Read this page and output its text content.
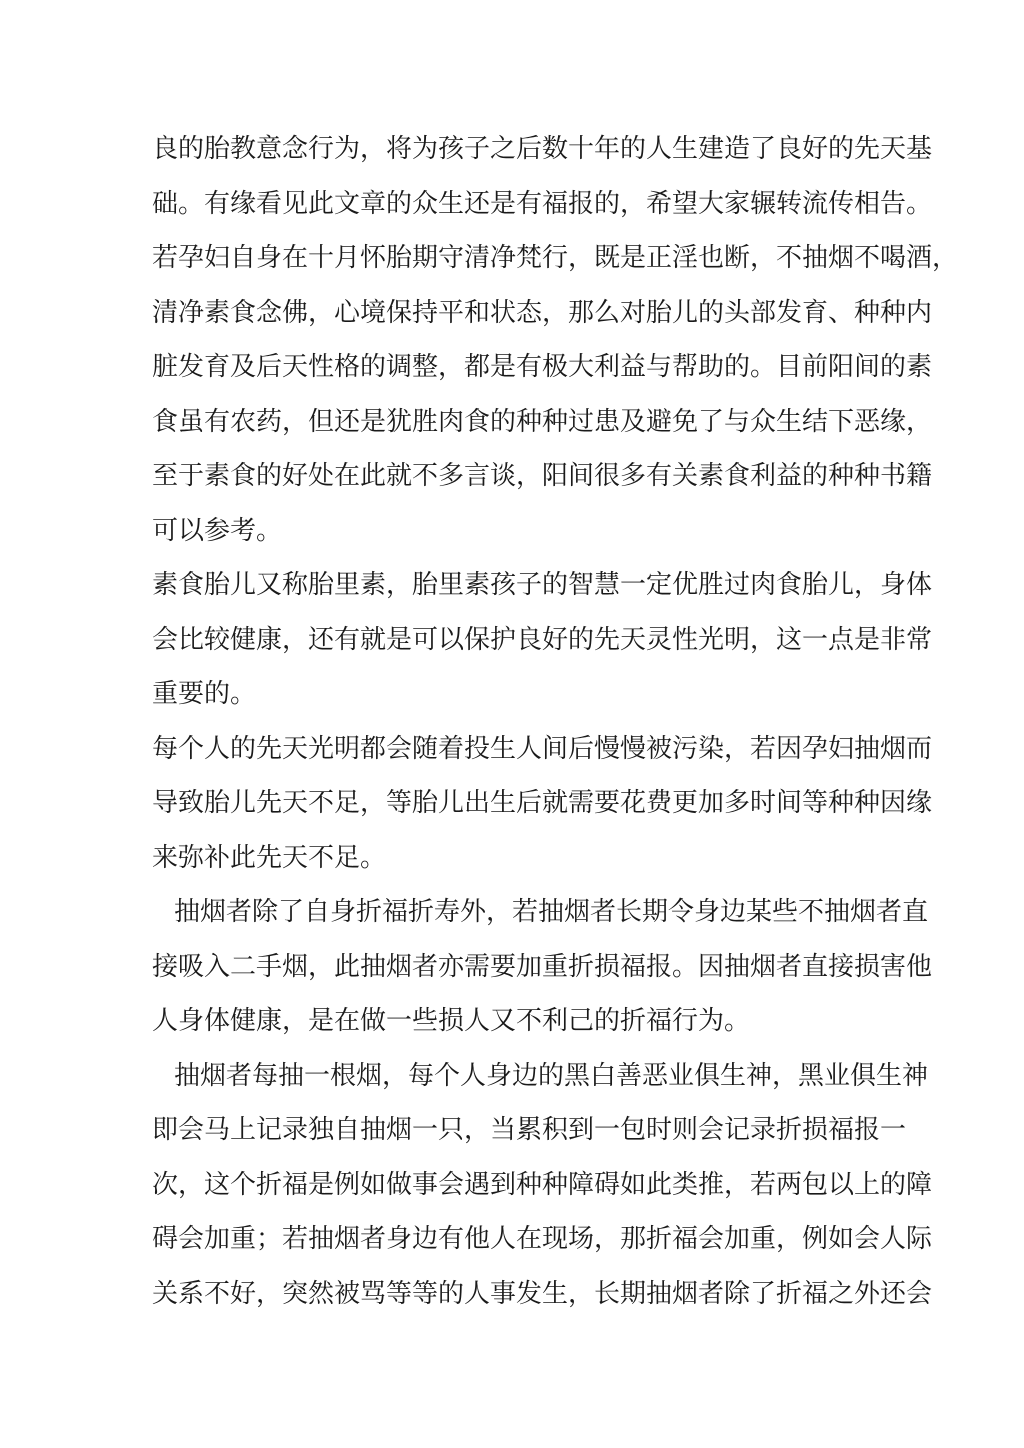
良的胎教意念行为，将为孩子之后数十年的人生建造了良好的先天基
础。有缘看见此文章的众生还是有福报的，希望大家辗转流传相告。
若孕妇自身在十月怀胎期守清净梵行，既是正淫也断，不抽烟不喝酒，
清净素食念佛，心境保持平和状态，那么对胎儿的头部发育、种种内
脏发育及后天性格的调整，都是有极大利益与帮助的。目前阳间的素
食虽有农药，但还是犹胜肉食的种种过患及避免了与众生结下恶缘，
至于素食的好处在此就不多言谈，阳间很多有关素食利益的种种书籍
可以参考。
素食胎儿又称胎里素，胎里素孩子的智慧一定优胜过肉食胎儿，身体
会比较健康，还有就是可以保护良好的先天灵性光明，这一点是非常
重要的。
每个人的先天光明都会随着投生人间后慢慢被污染，若因孕妇抽烟而
导致胎儿先天不足，等胎儿出生后就需要花费更加多时间等种种因缘
来弥补此先天不足。
抽烟者除了自身折福折寿外，若抽烟者长期令身边某些不抽烟者直
接吸入二手烟，此抽烟者亦需要加重折损福报。因抽烟者直接损害他
人身体健康，是在做一些损人又不利己的折福行为。
抽烟者每抽一根烟，每个人身边的黑白善恶业俱生神，黑业俱生神
即会马上记录独自抽烟一只，当累积到一包时则会记录折损福报一
次，这个折福是例如做事会遇到种种障碍如此类推，若两包以上的障
碍会加重；若抽烟者身边有他人在现场，那折福会加重，例如会人际
关系不好，突然被骂等等的人事发生，长期抽烟者除了折福之外还会
